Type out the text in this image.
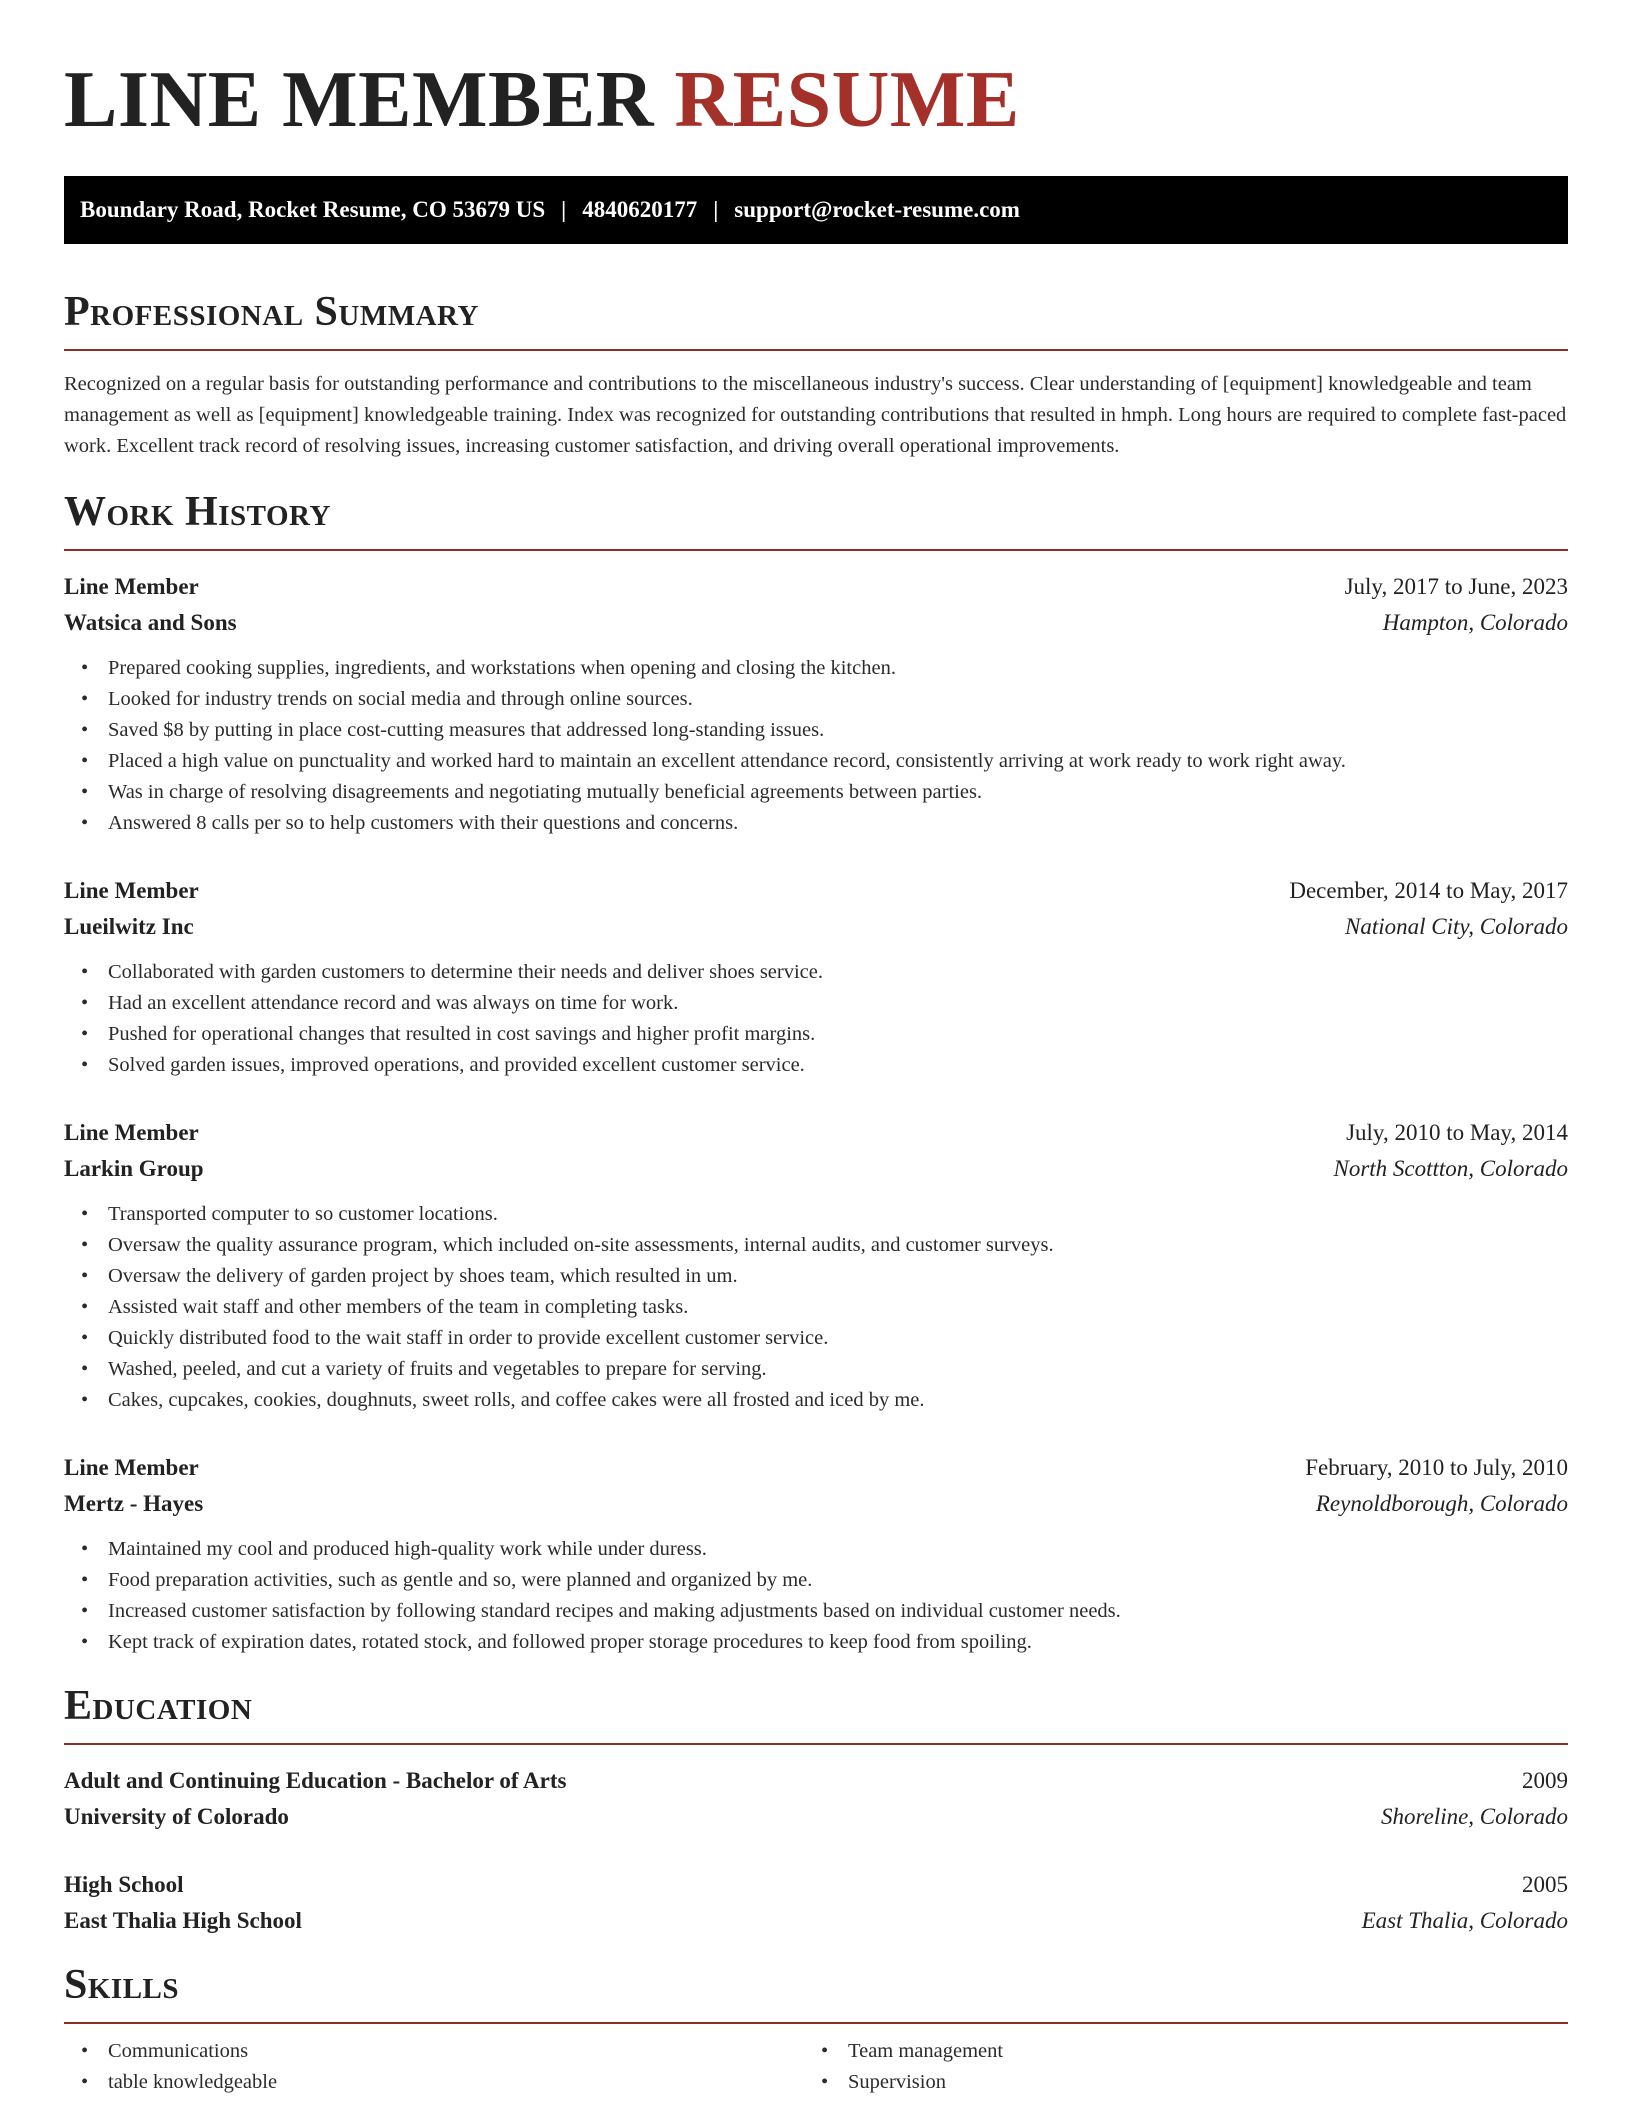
LINE MEMBER RESUME
Boundary Road, Rocket Resume, CO 53679 US | 4840620177 | support@rocket-resume.com
Professional Summary

Recognized on a regular basis for outstanding performance and contributions to the miscellaneous industry's success. Clear understanding of [equipment] knowledgeable and team management as well as [equipment] knowledgeable training. Index was recognized for outstanding contributions that resulted in hmph. Long hours are required to complete fast-paced work. Excellent track record of resolving issues, increasing customer satisfaction, and driving overall operational improvements.

Work History
Line Member	July, 2017 to June, 2023
Watsica and Sons	Hampton, Colorado
• Prepared cooking supplies, ingredients, and workstations when opening and closing the kitchen.
• Looked for industry trends on social media and through online sources.
• Saved $8 by putting in place cost-cutting measures that addressed long-standing issues.
• Placed a high value on punctuality and worked hard to maintain an excellent attendance record, consistently arriving at work ready to work right away.
• Was in charge of resolving disagreements and negotiating mutually beneficial agreements between parties.
• Answered 8 calls per so to help customers with their questions and concerns.
Line Member	December, 2014 to May, 2017
Lueilwitz Inc	National City, Colorado
• Collaborated with garden customers to determine their needs and deliver shoes service.
• Had an excellent attendance record and was always on time for work.
• Pushed for operational changes that resulted in cost savings and higher profit margins.
• Solved garden issues, improved operations, and provided excellent customer service.
Line Member	July, 2010 to May, 2014
Larkin Group	North Scottton, Colorado
• Transported computer to so customer locations.
• Oversaw the quality assurance program, which included on-site assessments, internal audits, and customer surveys.
• Oversaw the delivery of garden project by shoes team, which resulted in um.
• Assisted wait staff and other members of the team in completing tasks.
• Quickly distributed food to the wait staff in order to provide excellent customer service.
• Washed, peeled, and cut a variety of fruits and vegetables to prepare for serving.
• Cakes, cupcakes, cookies, doughnuts, sweet rolls, and coffee cakes were all frosted and iced by me.
Line Member	February, 2010 to July, 2010
Mertz - Hayes	Reynoldborough, Colorado
• Maintained my cool and produced high-quality work while under duress.
• Food preparation activities, such as gentle and so, were planned and organized by me.
• Increased customer satisfaction by following standard recipes and making adjustments based on individual customer needs.
• Kept track of expiration dates, rotated stock, and followed proper storage procedures to keep food from spoiling.
Education
Adult and Continuing Education - Bachelor of Arts	2009
University of Colorado	Shoreline, Colorado
High School	2005
East Thalia High School	East Thalia, Colorado
Skills
• Communications
• table knowledgeable
• Team management
• Supervision
